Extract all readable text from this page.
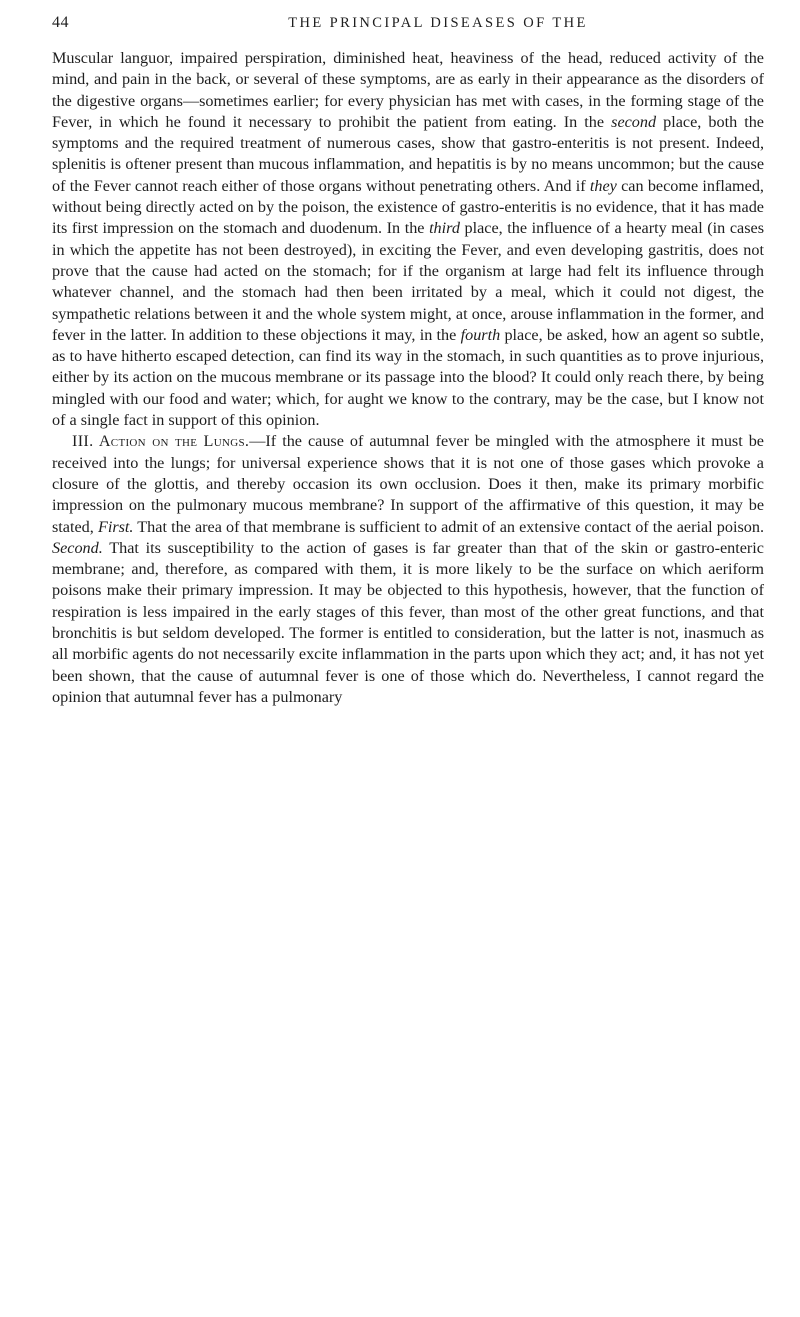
44	THE PRINCIPAL DISEASES OF THE

Muscular languor, impaired perspiration, diminished heat, heaviness of the head, reduced activity of the mind, and pain in the back, or several of these symptoms, are as early in their appearance as the disorders of the digestive organs—sometimes earlier; for every physician has met with cases, in the forming stage of the Fever, in which he found it necessary to prohibit the patient from eating. In the second place, both the symptoms and the required treatment of numerous cases, show that gastro-enteritis is not present. Indeed, splenitis is oftener present than mucous inflammation, and hepatitis is by no means uncommon; but the cause of the Fever cannot reach either of those organs without penetrating others. And if they can become inflamed, without being directly acted on by the poison, the existence of gastro-enteritis is no evidence, that it has made its first impression on the stomach and duodenum. In the third place, the influence of a hearty meal (in cases in which the appetite has not been destroyed), in exciting the Fever, and even developing gastritis, does not prove that the cause had acted on the stomach; for if the organism at large had felt its influence through whatever channel, and the stomach had then been irritated by a meal, which it could not digest, the sympathetic relations between it and the whole system might, at once, arouse inflammation in the former, and fever in the latter. In addition to these objections it may, in the fourth place, be asked, how an agent so subtle, as to have hitherto escaped detection, can find its way in the stomach, in such quantities as to prove injurious, either by its action on the mucous membrane or its passage into the blood? It could only reach there, by being mingled with our food and water; which, for aught we know to the contrary, may be the case, but I know not of a single fact in support of this opinion.

III. Action on the Lungs.—If the cause of autumnal fever be mingled with the atmosphere it must be received into the lungs; for universal experience shows that it is not one of those gases which provoke a closure of the glottis, and thereby occasion its own occlusion. Does it then, make its primary morbific impression on the pulmonary mucous membrane? In support of the affirmative of this question, it may be stated, First. That the area of that membrane is sufficient to admit of an extensive contact of the aerial poison. Second. That its susceptibility to the action of gases is far greater than that of the skin or gastro-enteric membrane; and, therefore, as compared with them, it is more likely to be the surface on which aeriform poisons make their primary impression. It may be objected to this hypothesis, however, that the function of respiration is less impaired in the early stages of this fever, than most of the other great functions, and that bronchitis is but seldom developed. The former is entitled to consideration, but the latter is not, inasmuch as all morbific agents do not necessarily excite inflammation in the parts upon which they act; and, it has not yet been shown, that the cause of autumnal fever is one of those which do. Nevertheless, I cannot regard the opinion that autumnal fever has a pulmonary
